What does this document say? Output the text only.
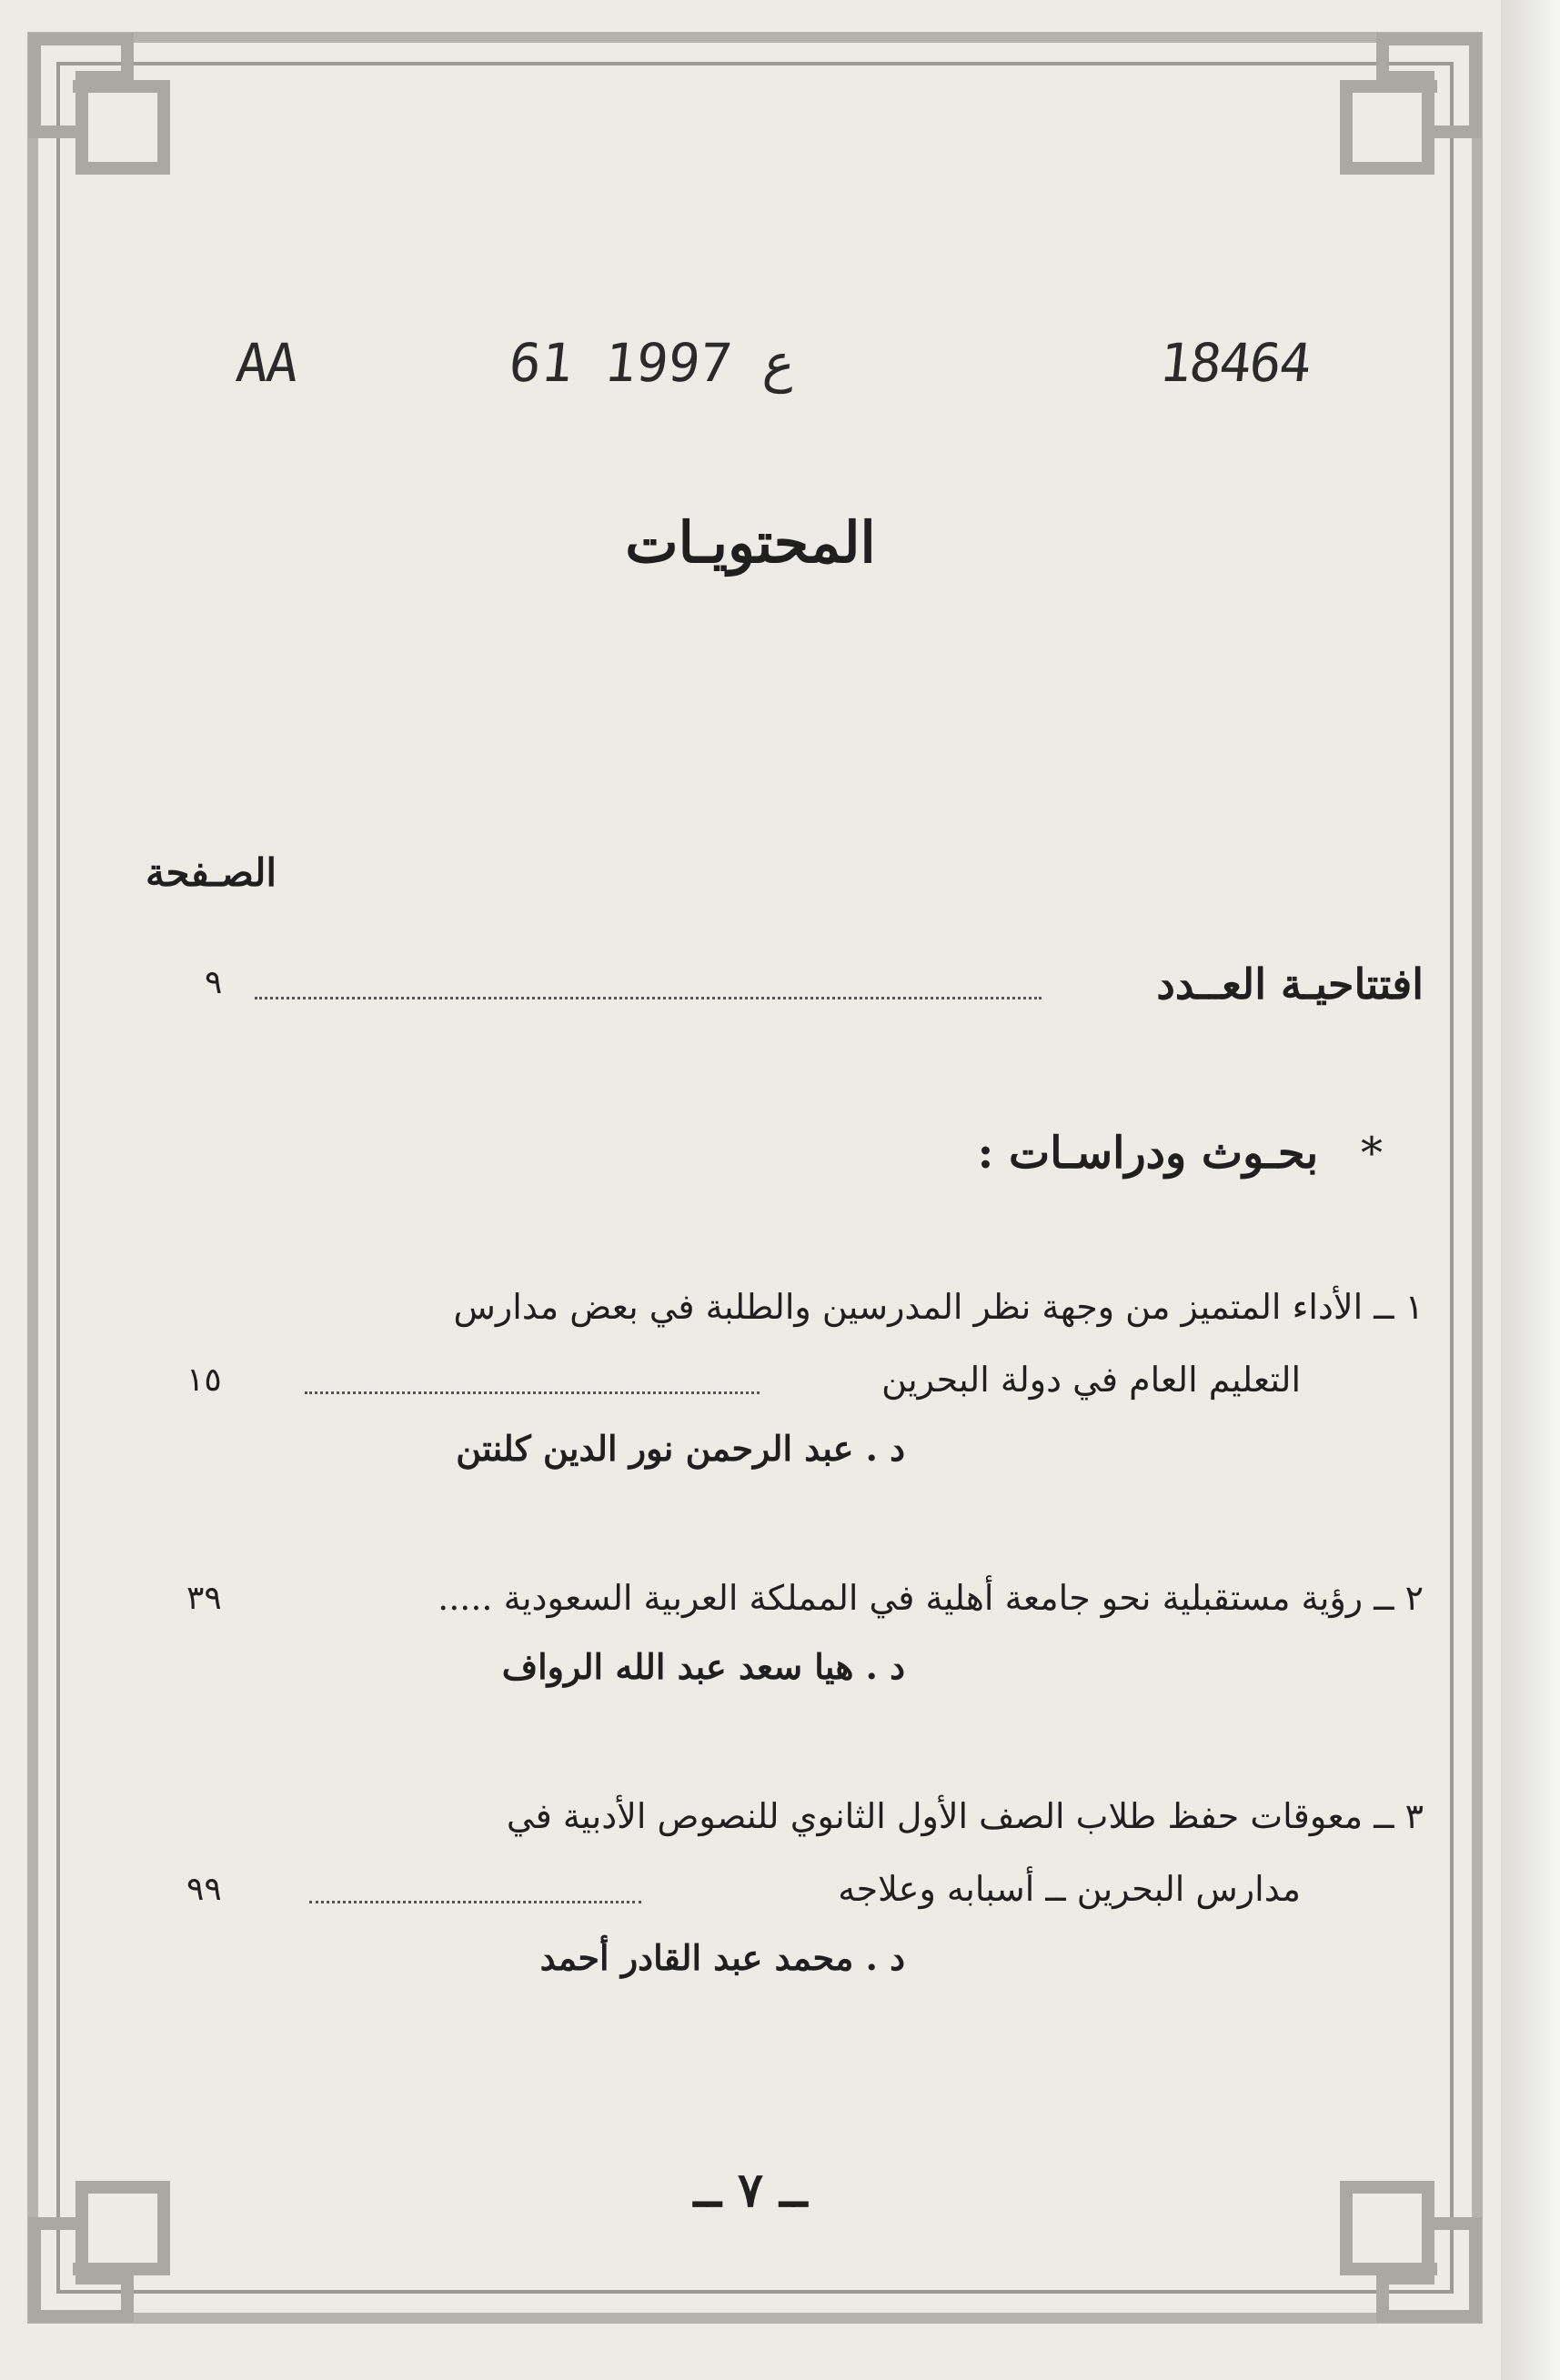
AA	61 ع 1997	18464
المحتويـات
الصـفحة
افتتاحيـة العــدد
٩
* بحـوث ودراسـات :
١ ــ الأداء المتميز من وجهة نظر المدرسين والطلبة في بعض مدارس
التعليم العام في دولة البحرين
١٥
د . عبد الرحمن نور الدين كلنتن
٢ ــ رؤية مستقبلية نحو جامعة أهلية في المملكة العربية السعودية .....
٣٩
د . هيا سعد عبد الله الرواف
٣ ــ معوقات حفظ طلاب الصف الأول الثانوي للنصوص الأدبية في
مدارس البحرين ــ أسبابه وعلاجه
٩٩
د . محمد عبد القادر أحمد
ــ ٧ ــ
